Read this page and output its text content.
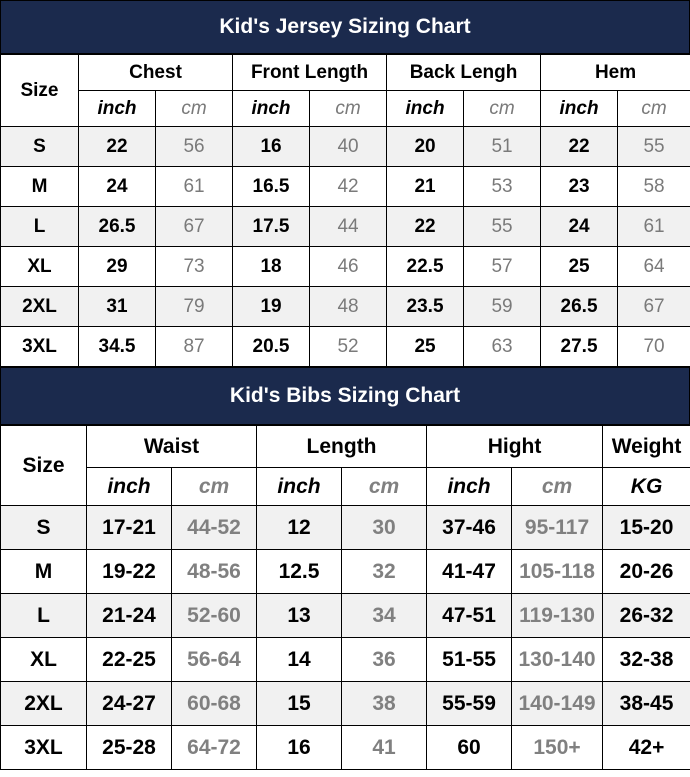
Kid's Jersey Sizing Chart
Size	Chest		Front Length		Back Lengh		Hem	
	inch	cm	inch	cm	inch	cm	inch	cm
S	22	56	16	40	20	51	22	55
M	24	61	16.5	42	21	53	23	58
L	26.5	67	17.5	44	22	55	24	61
XL	29	73	18	46	22.5	57	25	64
2XL	31	79	19	48	23.5	59	26.5	67
3XL	34.5	87	20.5	52	25	63	27.5	70
Kid's Bibs Sizing Chart
Size	Waist		Length		Hight		Weight
	inch	cm	inch	cm	inch	cm	KG
S	17-21	44-52	12	30	37-46	95-117	15-20
M	19-22	48-56	12.5	32	41-47	105-118	20-26
L	21-24	52-60	13	34	47-51	119-130	26-32
XL	22-25	56-64	14	36	51-55	130-140	32-38
2XL	24-27	60-68	15	38	55-59	140-149	38-45
3XL	25-28	64-72	16	41	60	150+	42+
